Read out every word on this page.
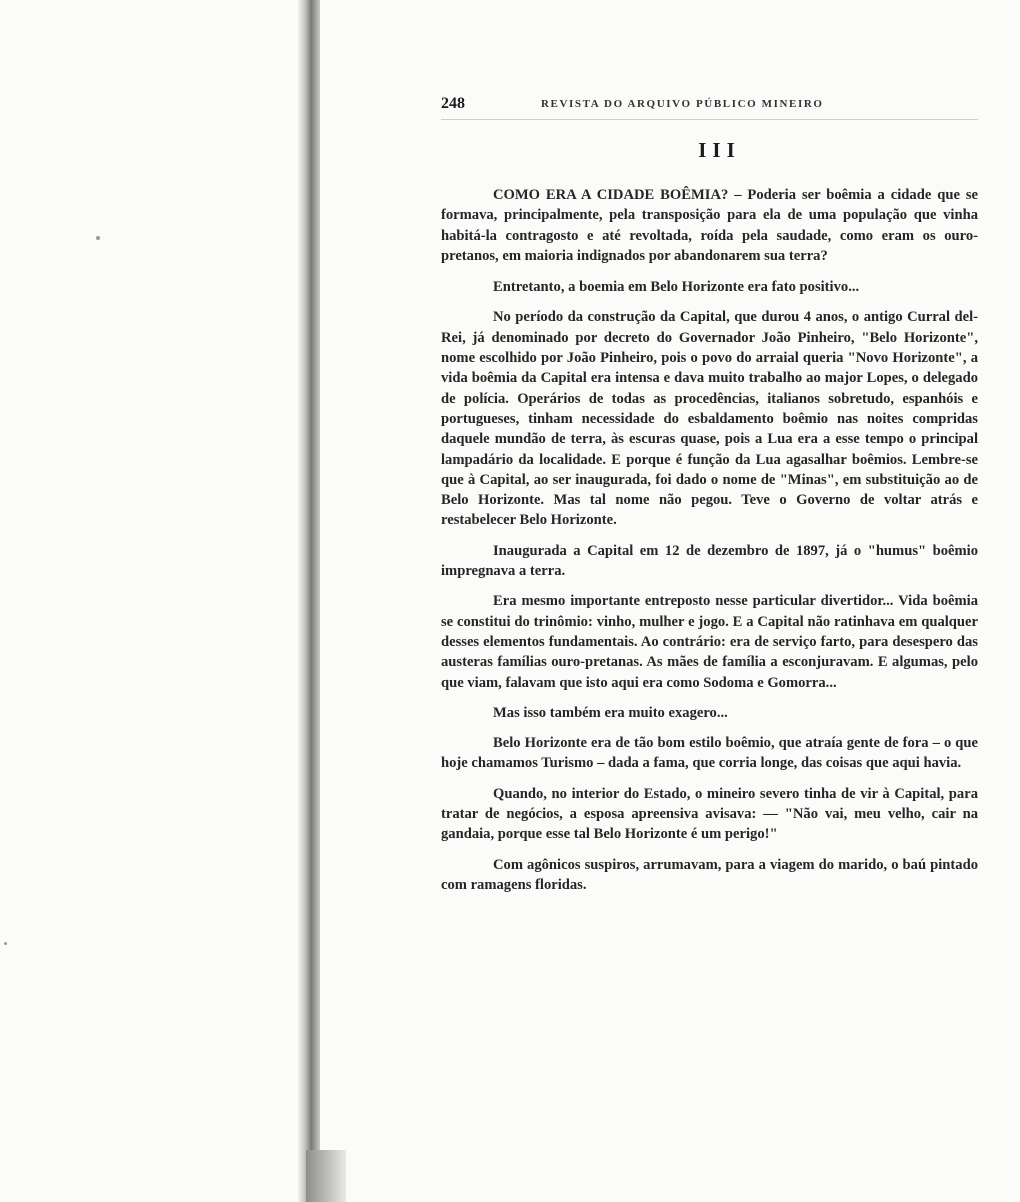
248	REVISTA DO ARQUIVO PÚBLICO MINEIRO
III

COMO ERA A CIDADE BOÊMIA? – Poderia ser boêmia a cidade que se formava, principalmente, pela transposição para ela de uma população que vinha habitá-la contragosto e até revoltada, roída pela saudade, como eram os ouro-pretanos, em maioria indignados por abandonarem sua terra?

Entretanto, a boemia em Belo Horizonte era fato positivo...

No período da construção da Capital, que durou 4 anos, o antigo Curral del-Rei, já denominado por decreto do Governador João Pinheiro, "Belo Horizonte", nome escolhido por João Pinheiro, pois o povo do arraial queria "Novo Horizonte", a vida boêmia da Capital era intensa e dava muito trabalho ao major Lopes, o delegado de polícia. Operários de todas as procedências, italianos sobretudo, espanhóis e portugueses, tinham necessidade do esbaldamento boêmio nas noites compridas daquele mundão de terra, às escuras quase, pois a Lua era a esse tempo o principal lampadário da localidade. E porque é função da Lua agasalhar boêmios. Lembre-se que à Capital, ao ser inaugurada, foi dado o nome de "Minas", em substituição ao de Belo Horizonte. Mas tal nome não pegou. Teve o Governo de voltar atrás e restabelecer Belo Horizonte.

Inaugurada a Capital em 12 de dezembro de 1897, já o "humus" boêmio impregnava a terra.

Era mesmo importante entreposto nesse particular divertidor... Vida boêmia se constitui do trinômio: vinho, mulher e jogo. E a Capital não ratinhava em qualquer desses elementos fundamentais. Ao contrário: era de serviço farto, para desespero das austeras famílias ouro-pretanas. As mães de família a esconjuravam. E algumas, pelo que viam, falavam que isto aqui era como Sodoma e Gomorra...

Mas isso também era muito exagero...

Belo Horizonte era de tão bom estilo boêmio, que atraía gente de fora – o que hoje chamamos Turismo – dada a fama, que corria longe, das coisas que aqui havia.

Quando, no interior do Estado, o mineiro severo tinha de vir à Capital, para tratar de negócios, a esposa apreensiva avisava: — "Não vai, meu velho, cair na gandaia, porque esse tal Belo Horizonte é um perigo!"

Com agônicos suspiros, arrumavam, para a viagem do marido, o baú pintado com ramagens floridas.
